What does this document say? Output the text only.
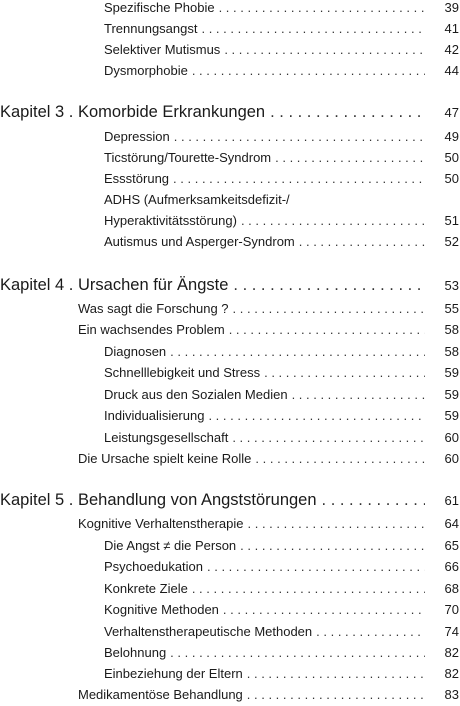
Spezifische Phobie . . .	39
Trennungsangst . . .	41
Selektiver Mutismus . . .	42
Dysmorphobie . . .	44
Kapitel 3 . Komorbide Erkrankungen . . .	47
Depression . . .	49
Ticstörung/Tourette-Syndrom . . .	50
Essstörung . . .	50
ADHS (Aufmerksamkeitsdefizit-/
Hyperaktivitätsstörung) . . .	51
Autismus und Asperger-Syndrom . . .	52
Kapitel 4 . Ursachen für Ängste . . .	53
Was sagt die Forschung ? . . .	55
Ein wachsendes Problem . . .	58
Diagnosen . . .	58
Schnelllebigkeit und Stress . . .	59
Druck aus den Sozialen Medien . . .	59
Individualisierung . . .	59
Leistungsgesellschaft . . .	60
Die Ursache spielt keine Rolle . . .	60
Kapitel 5 . Behandlung von Angststörungen . . .	61
Kognitive Verhaltenstherapie . . .	64
Die Angst ≠ die Person . . .	65
Psychoedukation . . .	66
Konkrete Ziele . . .	68
Kognitive Methoden . . .	70
Verhaltenstherapeutische Methoden . . .	74
Belohnung . . .	82
Einbeziehung der Eltern . . .	82
Medikamentöse Behandlung . . .	83
